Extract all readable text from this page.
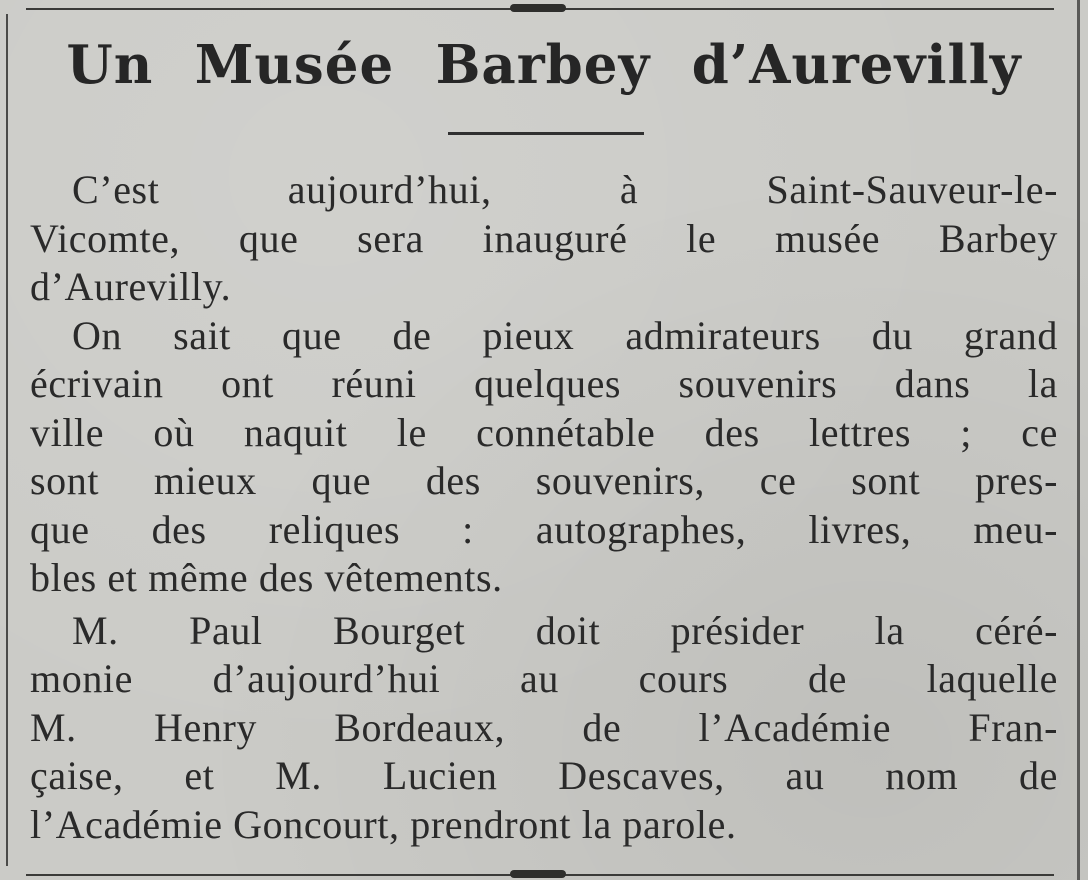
Un Musée Barbey d’Aurevilly

C’est aujourd’hui, à Saint-Sauveur-le-
Vicomte, que sera inauguré le musée Barbey
d’Aurevilly.

On sait que de pieux admirateurs du grand
écrivain ont réuni quelques souvenirs dans la
ville où naquit le connétable des lettres ; ce
sont mieux que des souvenirs, ce sont pres-
que des reliques : autographes, livres, meu-
bles et même des vêtements.

M. Paul Bourget doit présider la céré-
monie d’aujourd’hui au cours de laquelle
M. Henry Bordeaux, de l’Académie Fran-
çaise, et M. Lucien Descaves, au nom de
l’Académie Goncourt, prendront la parole.
